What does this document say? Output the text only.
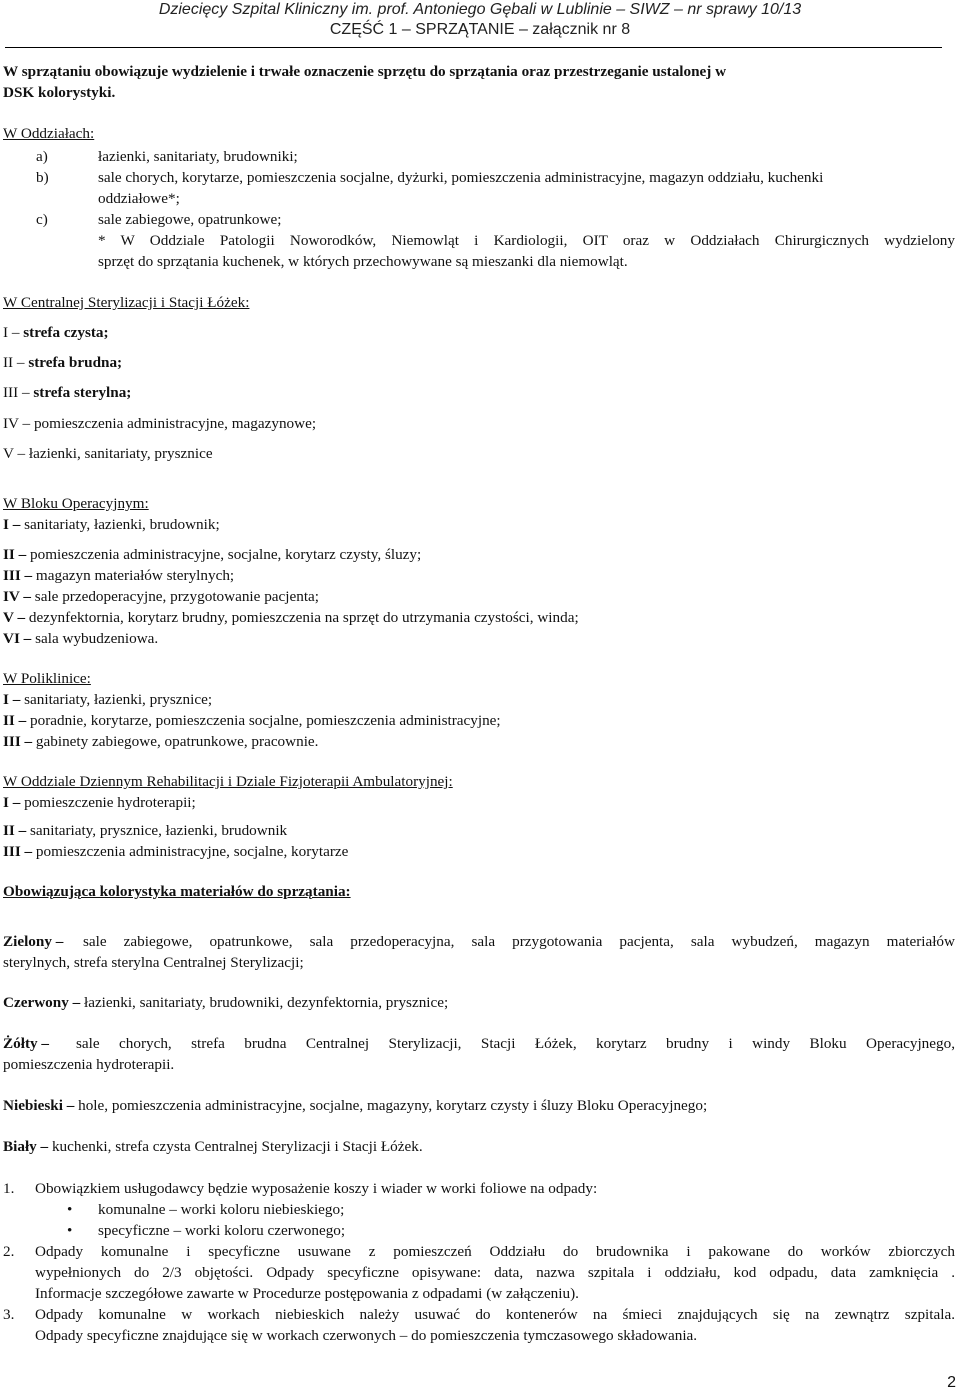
Dziecięcy Szpital Kliniczny im. prof. Antoniego Gębali w Lublinie – SIWZ – nr sprawy 10/13
CZĘŚĆ 1 – SPRZĄTANIE – załącznik nr 8
W sprzątaniu obowiązuje wydzielenie i trwałe oznaczenie sprzętu do sprzątania oraz przestrzeganie ustalonej w
DSK kolorystyki.
W Oddziałach:
a)	łazienki, sanitariaty, brudowniki;
b)	sale chorych, korytarze, pomieszczenia socjalne, dyżurki, pomieszczenia administracyjne, magazyn oddziału, kuchenki
oddziałowe*;
c)	sale zabiegowe, opatrunkowe;
* W Oddziale Patologii Noworodków, Niemowląt i Kardiologii, OIT oraz w Oddziałach Chirurgicznych wydzielony
sprzęt do sprzątania kuchenek, w których przechowywane są mieszanki dla niemowląt.
W Centralnej Sterylizacji i Stacji Łóżek:
I – strefa czysta;
II – strefa brudna;
III – strefa sterylna;
IV – pomieszczenia administracyjne, magazynowe;
V – łazienki, sanitariaty, prysznice
W Bloku Operacyjnym:
I – sanitariaty, łazienki, brudownik;
II – pomieszczenia administracyjne, socjalne, korytarz czysty, śluzy;
III – magazyn materiałów sterylnych;
IV – sale przedoperacyjne, przygotowanie pacjenta;
V – dezynfektornia, korytarz brudny, pomieszczenia na sprzęt do utrzymania czystości, winda;
VI – sala wybudzeniowa.
W Poliklinice:
I – sanitariaty, łazienki, prysznice;
II – poradnie, korytarze, pomieszczenia socjalne, pomieszczenia administracyjne;
III – gabinety zabiegowe, opatrunkowe, pracownie.
W Oddziale Dziennym Rehabilitacji i Dziale Fizjoterapii Ambulatoryjnej:
I – pomieszczenie hydroterapii;
II – sanitariaty, prysznice, łazienki, brudownik
III – pomieszczenia administracyjne, socjalne, korytarze
Obowiązująca kolorystyka materiałów do sprzątania:
Zielony – sale zabiegowe, opatrunkowe, sala przedoperacyjna, sala przygotowania pacjenta, sala wybudzeń, magazyn materiałów
sterylnych, strefa sterylna Centralnej Sterylizacji;
Czerwony – łazienki, sanitariaty, brudowniki, dezynfektornia, prysznice;
Żółty – sale chorych, strefa brudna Centralnej Sterylizacji, Stacji Łóżek, korytarz brudny i windy Bloku Operacyjnego,
pomieszczenia hydroterapii.
Niebieski – hole, pomieszczenia administracyjne, socjalne, magazyny, korytarz czysty i śluzy Bloku Operacyjnego;
Biały – kuchenki, strefa czysta Centralnej Sterylizacji i Stacji Łóżek.
1. Obowiązkiem usługodawcy będzie wyposażenie koszy i wiader w worki foliowe na odpady:
• komunalne – worki koloru niebieskiego;
• specyficzne – worki koloru czerwonego;
2. Odpady komunalne i specyficzne usuwane z pomieszczeń Oddziału do brudownika i pakowane do worków zbiorczych
wypełnionych do 2/3 objętości. Odpady specyficzne opisywane: data, nazwa szpitala i oddziału, kod odpadu, data zamknięcia .
Informacje szczegółowe zawarte w Procedurze postępowania z odpadami (w załączeniu).
3. Odpady komunalne w workach niebieskich należy usuwać do kontenerów na śmieci znajdujących się na zewnątrz szpitala.
Odpady specyficzne znajdujące się w workach czerwonych – do pomieszczenia tymczasowego składowania.
2
